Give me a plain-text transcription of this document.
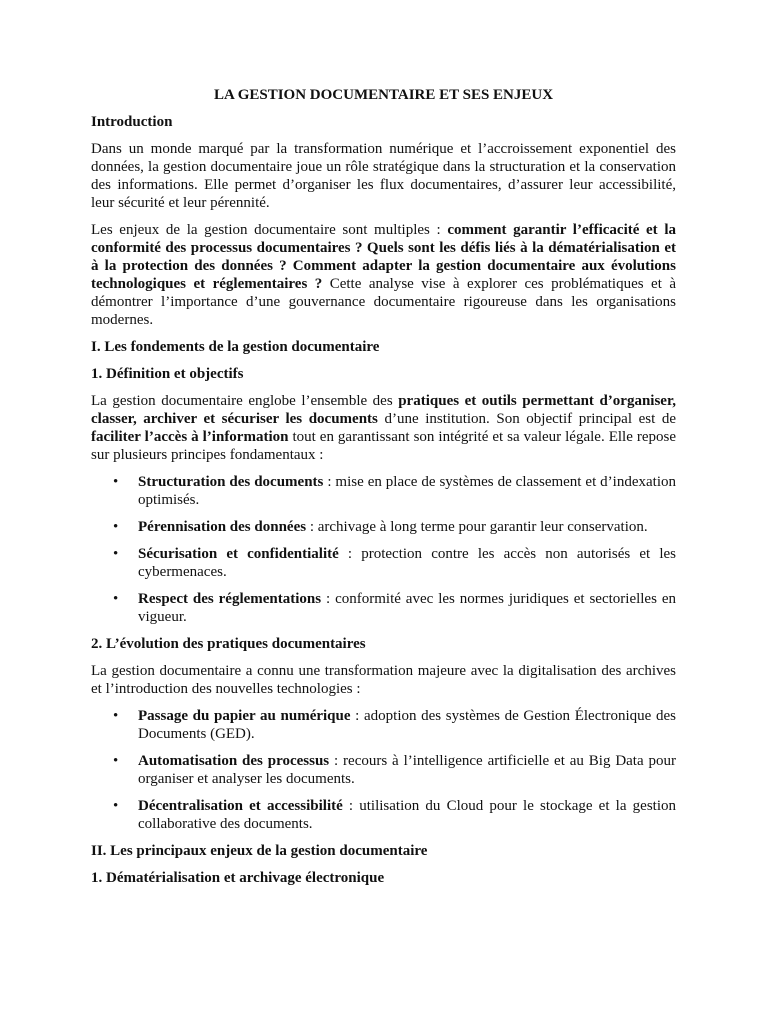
LA GESTION DOCUMENTAIRE ET SES ENJEUX
Introduction

Dans un monde marqué par la transformation numérique et l’accroissement exponentiel des données, la gestion documentaire joue un rôle stratégique dans la structuration et la conservation des informations. Elle permet d’organiser les flux documentaires, d’assurer leur accessibilité, leur sécurité et leur pérennité.

Les enjeux de la gestion documentaire sont multiples : comment garantir l’efficacité et la conformité des processus documentaires ? Quels sont les défis liés à la dématérialisation et à la protection des données ? Comment adapter la gestion documentaire aux évolutions technologiques et réglementaires ? Cette analyse vise à explorer ces problématiques et à démontrer l’importance d’une gouvernance documentaire rigoureuse dans les organisations modernes.

I. Les fondements de la gestion documentaire
1. Définition et objectifs

La gestion documentaire englobe l’ensemble des pratiques et outils permettant d’organiser, classer, archiver et sécuriser les documents d’une institution. Son objectif principal est de faciliter l’accès à l’information tout en garantissant son intégrité et sa valeur légale. Elle repose sur plusieurs principes fondamentaux :

• Structuration des documents : mise en place de systèmes de classement et d’indexation optimisés.
• Pérennisation des données : archivage à long terme pour garantir leur conservation.
• Sécurisation et confidentialité : protection contre les accès non autorisés et les cybermenaces.
• Respect des réglementations : conformité avec les normes juridiques et sectorielles en vigueur.
2. L’évolution des pratiques documentaires

La gestion documentaire a connu une transformation majeure avec la digitalisation des archives et l’introduction des nouvelles technologies :

• Passage du papier au numérique : adoption des systèmes de Gestion Électronique des Documents (GED).
• Automatisation des processus : recours à l’intelligence artificielle et au Big Data pour organiser et analyser les documents.
• Décentralisation et accessibilité : utilisation du Cloud pour le stockage et la gestion collaborative des documents.
II. Les principaux enjeux de la gestion documentaire
1. Dématérialisation et archivage électronique
